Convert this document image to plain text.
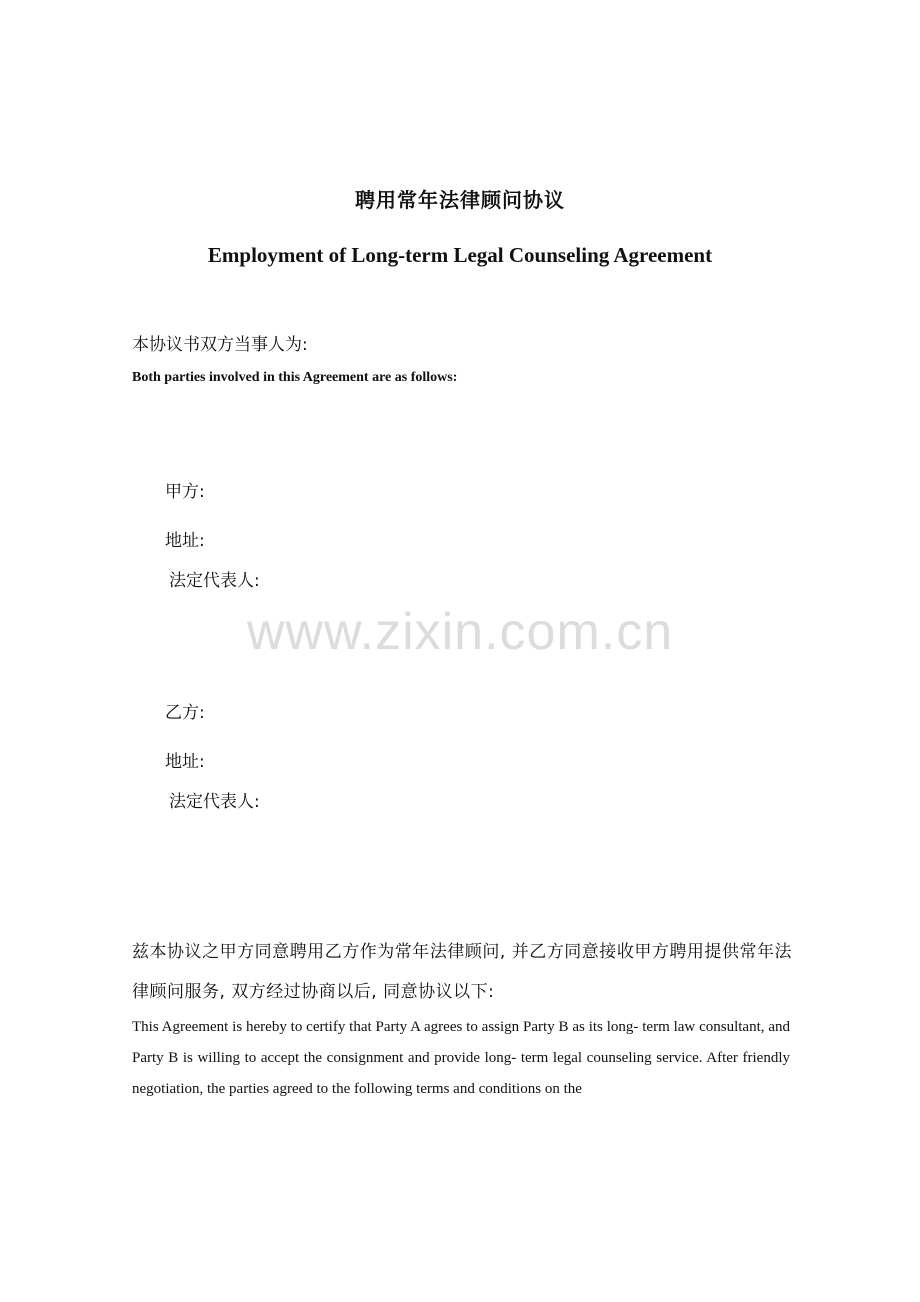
聘用常年法律顾问协议
Employment of Long-term Legal Counseling Agreement
本协议书双方当事人为:
Both parties involved in this Agreement are as follows:
甲方:
地址:
法定代表人:
www.zixin.com.cn
乙方:
地址:
法定代表人:
兹本协议之甲方同意聘用乙方作为常年法律顾问, 并乙方同意接收甲方聘用提供常年法律顾问服务, 双方经过协商以后, 同意协议以下:
This Agreement is hereby to certify that Party A agrees to assign Party B as its long- term law consultant, and Party B is willing to accept the consignment and provide long- term legal counseling service. After friendly negotiation, the parties agreed to the following terms and conditions on the
